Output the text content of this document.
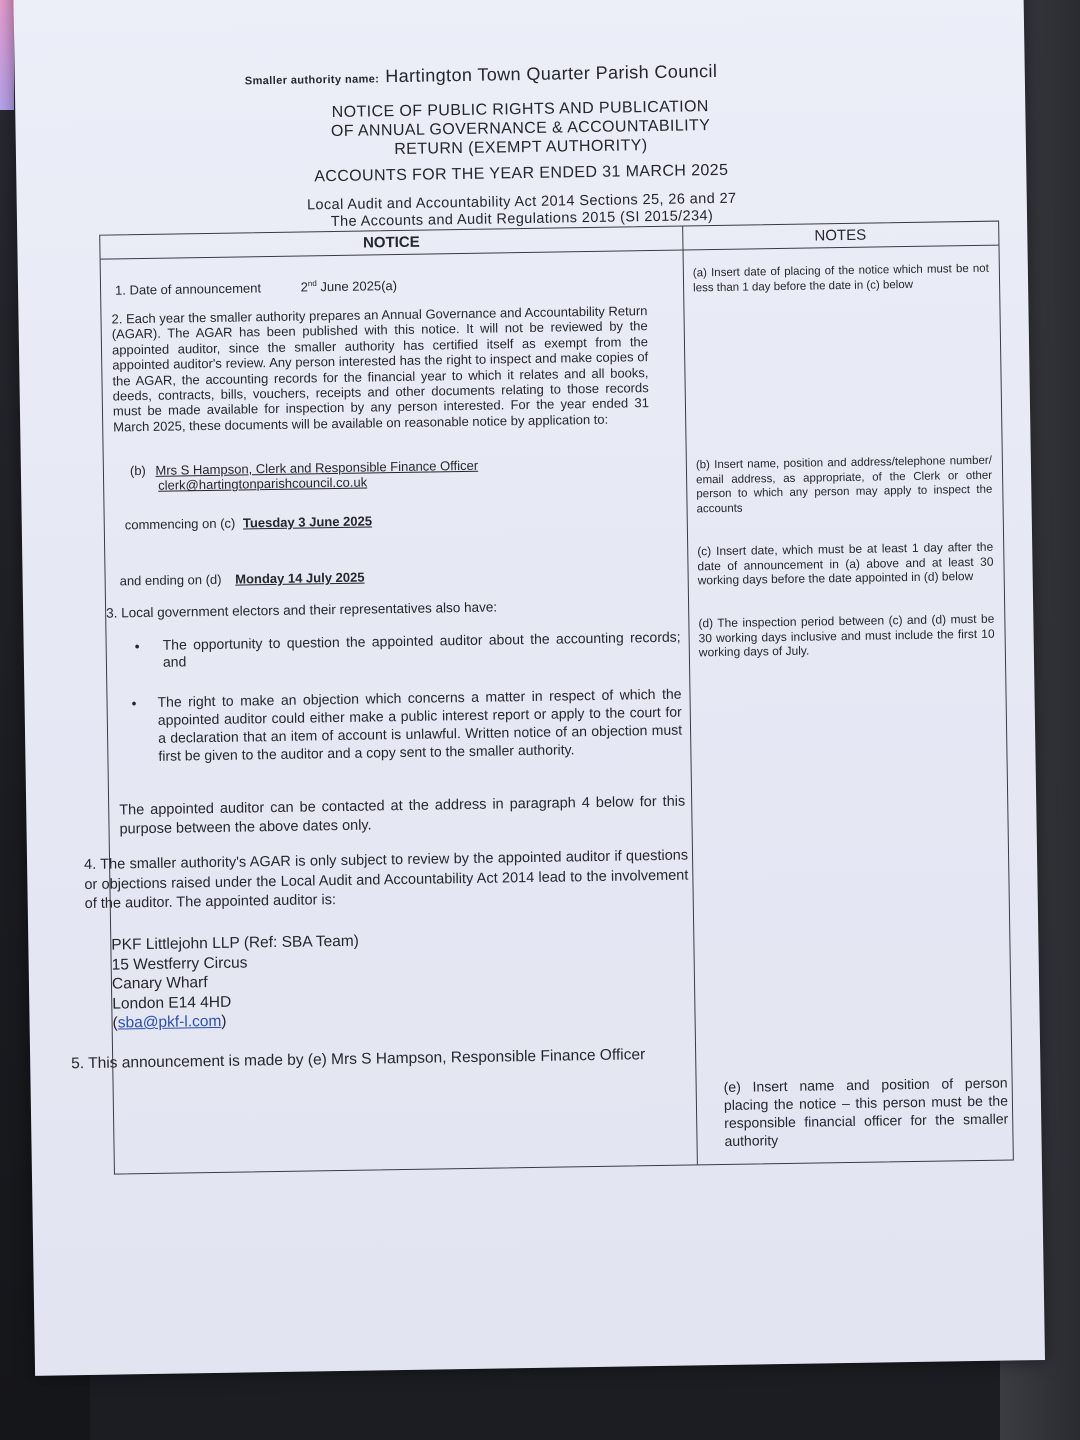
Smaller authority name: Hartington Town Quarter Parish Council
NOTICE OF PUBLIC RIGHTS AND PUBLICATION
OF ANNUAL GOVERNANCE & ACCOUNTABILITY
RETURN (EXEMPT AUTHORITY)
ACCOUNTS FOR THE YEAR ENDED 31 MARCH 2025
Local Audit and Accountability Act 2014 Sections 25, 26 and 27
The Accounts and Audit Regulations 2015 (SI 2015/234)
NOTICE	NOTES
1. Date of announcement	2nd June 2025(a)
2. Each year the smaller authority prepares an Annual Governance and Accountability Return (AGAR). The AGAR has been published with this notice. It will not be reviewed by the appointed auditor, since the smaller authority has certified itself as exempt from the appointed auditor's review. Any person interested has the right to inspect and make copies of the AGAR, the accounting records for the financial year to which it relates and all books, deeds, contracts, bills, vouchers, receipts and other documents relating to those records must be made available for inspection by any person interested. For the year ended 31 March 2025, these documents will be available on reasonable notice by application to:
(b) Mrs S Hampson, Clerk and Responsible Finance Officer
clerk@hartingtonparishcouncil.co.uk
commencing on (c) Tuesday 3 June 2025
and ending on (d) Monday 14 July 2025
3. Local government electors and their representatives also have:
• The opportunity to question the appointed auditor about the accounting records; and
• The right to make an objection which concerns a matter in respect of which the appointed auditor could either make a public interest report or apply to the court for a declaration that an item of account is unlawful. Written notice of an objection must first be given to the auditor and a copy sent to the smaller authority.
The appointed auditor can be contacted at the address in paragraph 4 below for this purpose between the above dates only.
4. The smaller authority's AGAR is only subject to review by the appointed auditor if questions or objections raised under the Local Audit and Accountability Act 2014 lead to the involvement of the auditor. The appointed auditor is:
PKF Littlejohn LLP (Ref: SBA Team)
15 Westferry Circus
Canary Wharf
London E14 4HD
(sba@pkf-l.com)
5. This announcement is made by (e) Mrs S Hampson, Responsible Finance Officer
(a) Insert date of placing of the notice which must be not less than 1 day before the date in (c) below
(b) Insert name, position and address/telephone number/ email address, as appropriate, of the Clerk or other person to which any person may apply to inspect the accounts
(c) Insert date, which must be at least 1 day after the date of announcement in (a) above and at least 30 working days before the date appointed in (d) below
(d) The inspection period between (c) and (d) must be 30 working days inclusive and must include the first 10 working days of July.
(e) Insert name and position of person placing the notice – this person must be the responsible financial officer for the smaller authority
